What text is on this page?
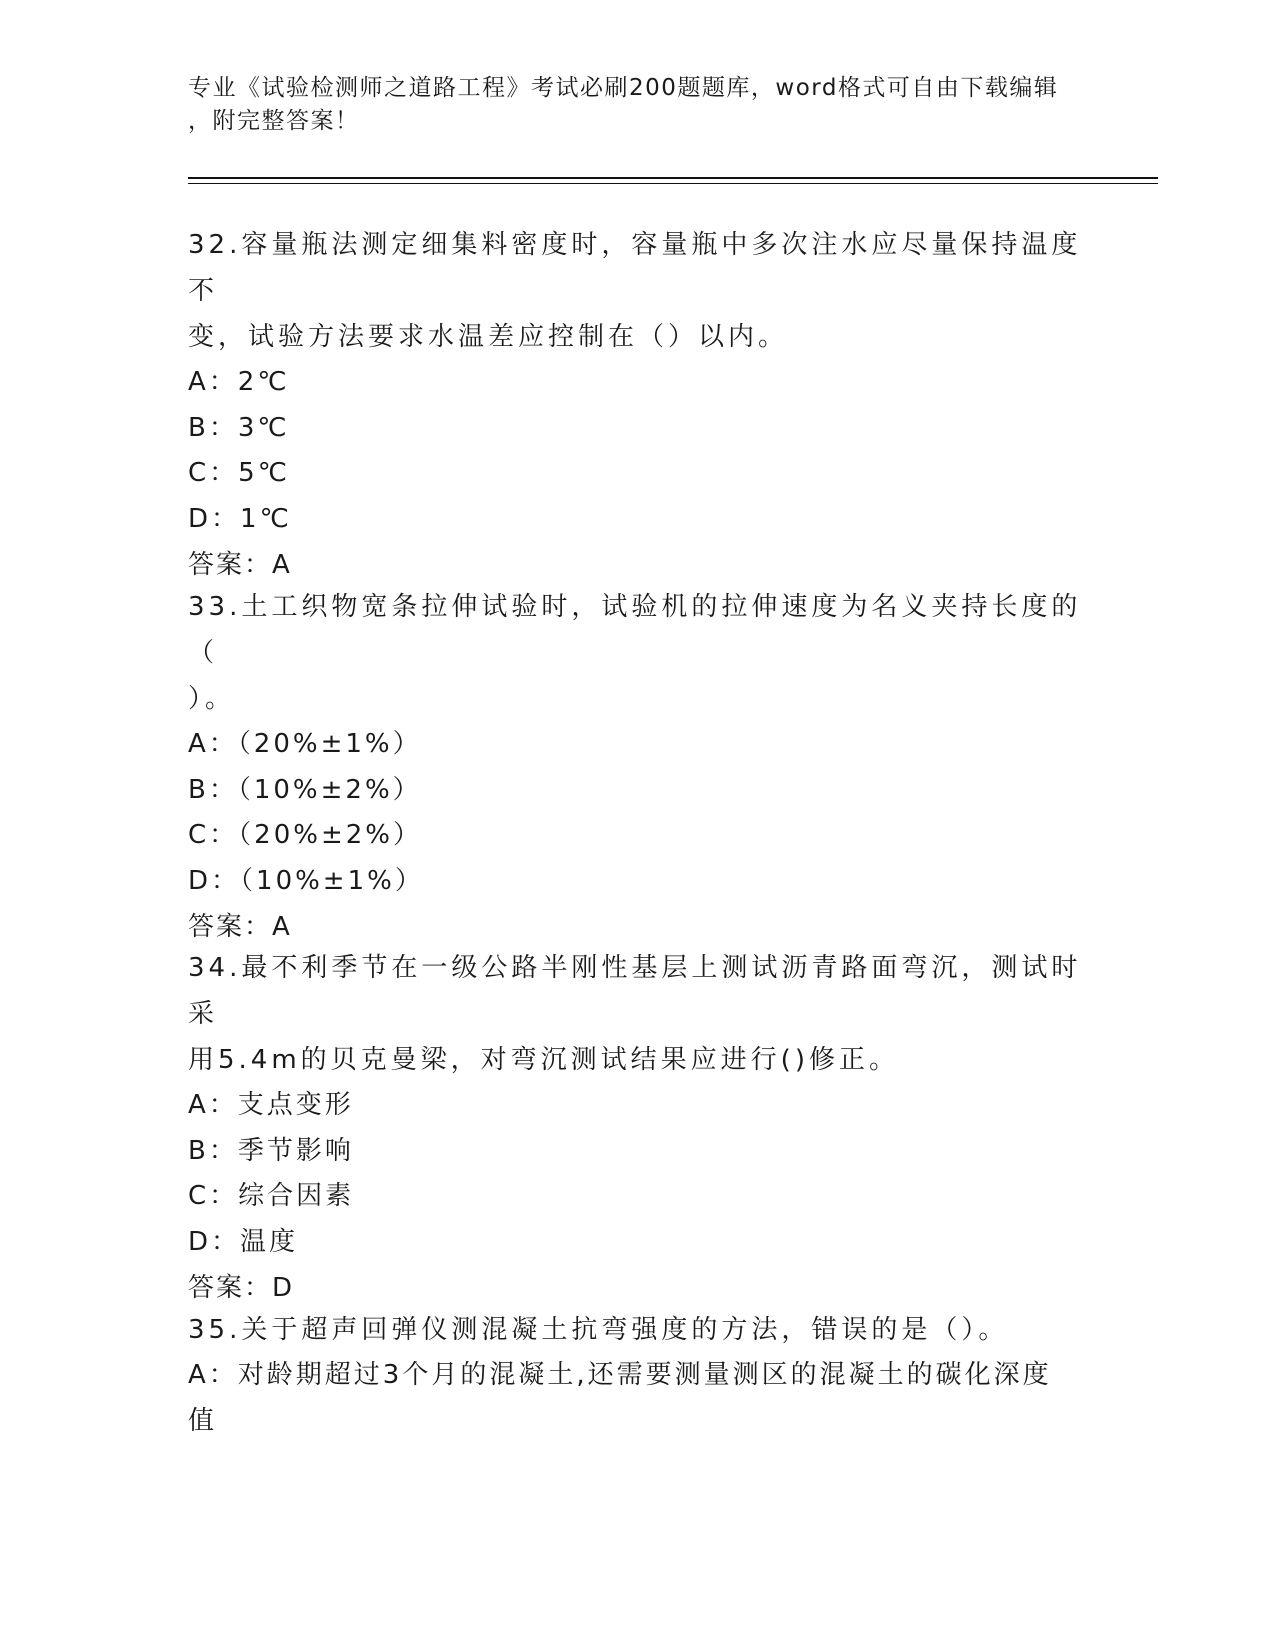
专业《试验检测师之道路工程》考试必刷200题题库，word格式可自由下载编辑
，附完整答案！

32.容量瓶法测定细集料密度时，容量瓶中多次注水应尽量保持温度不

变，试验方法要求水温差应控制在（）以内。

A：2℃

B：3℃

C：5℃

D：1℃

答案：A

33.土工织物宽条拉伸试验时，试验机的拉伸速度为名义夹持长度的（

）。

A：（20%±1%）

B：（10%±2%）

C：（20%±2%）

D：（10%±1%）

答案：A

34.最不利季节在一级公路半刚性基层上测试沥青路面弯沉，测试时采

用5.4m的贝克曼梁，对弯沉测试结果应进行()修正。

A：支点变形

B：季节影响

C：综合因素

D：温度

答案：D

35.关于超声回弹仪测混凝土抗弯强度的方法，错误的是（）。

A：对龄期超过3个月的混凝土,还需要测量测区的混凝土的碳化深度

值
